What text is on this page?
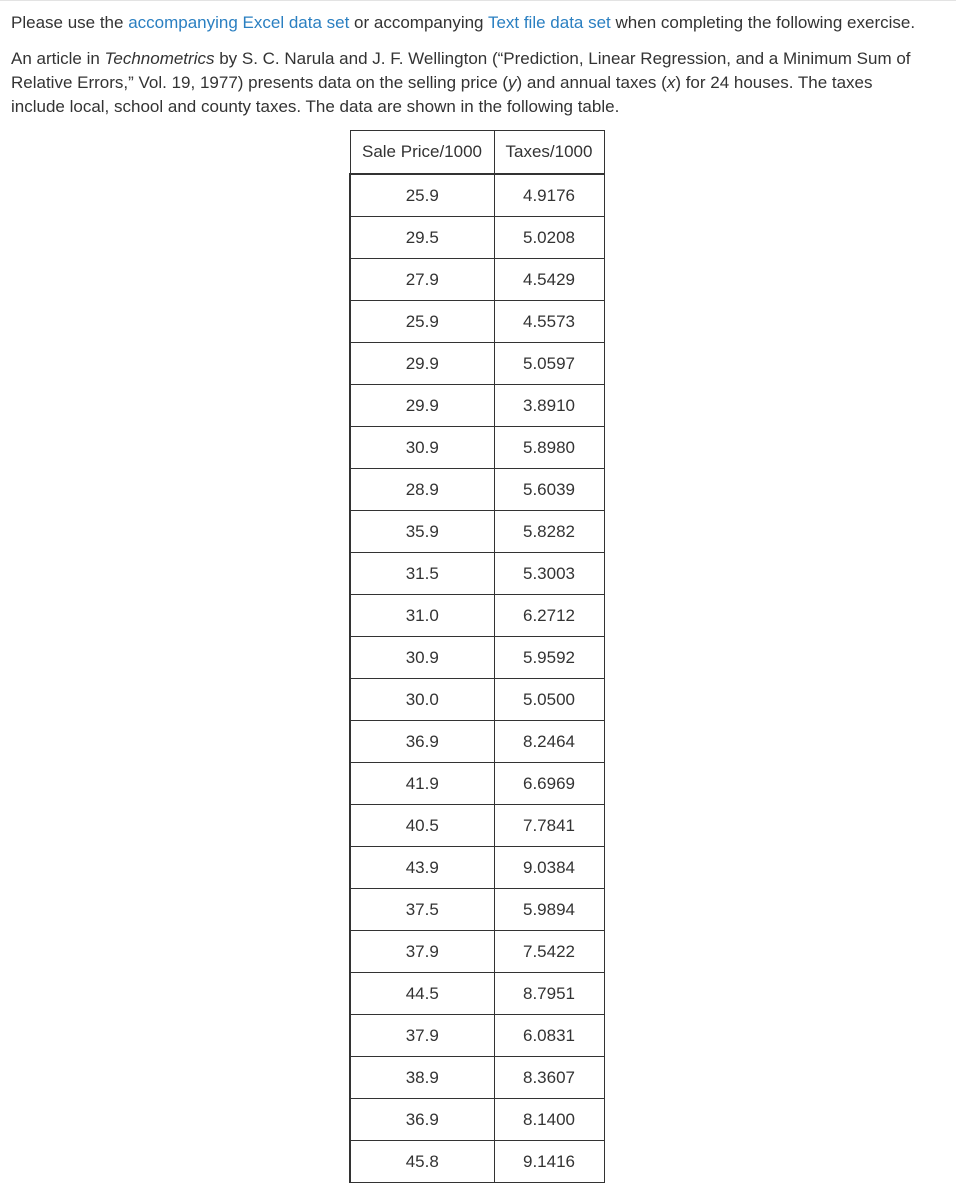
Please use the accompanying Excel data set or accompanying Text file data set when completing the following exercise.

An article in Technometrics by S. C. Narula and J. F. Wellington (“Prediction, Linear Regression, and a Minimum Sum of Relative Errors,” Vol. 19, 1977) presents data on the selling price (y) and annual taxes (x) for 24 houses. The taxes include local, school and county taxes. The data are shown in the following table.

Sale Price/1000	Taxes/1000
25.9	4.9176
29.5	5.0208
27.9	4.5429
25.9	4.5573
29.9	5.0597
29.9	3.8910
30.9	5.8980
28.9	5.6039
35.9	5.8282
31.5	5.3003
31.0	6.2712
30.9	5.9592
30.0	5.0500
36.9	8.2464
41.9	6.6969
40.5	7.7841
43.9	9.0384
37.5	5.9894
37.9	7.5422
44.5	8.7951
37.9	6.0831
38.9	8.3607
36.9	8.1400
45.8	9.1416
